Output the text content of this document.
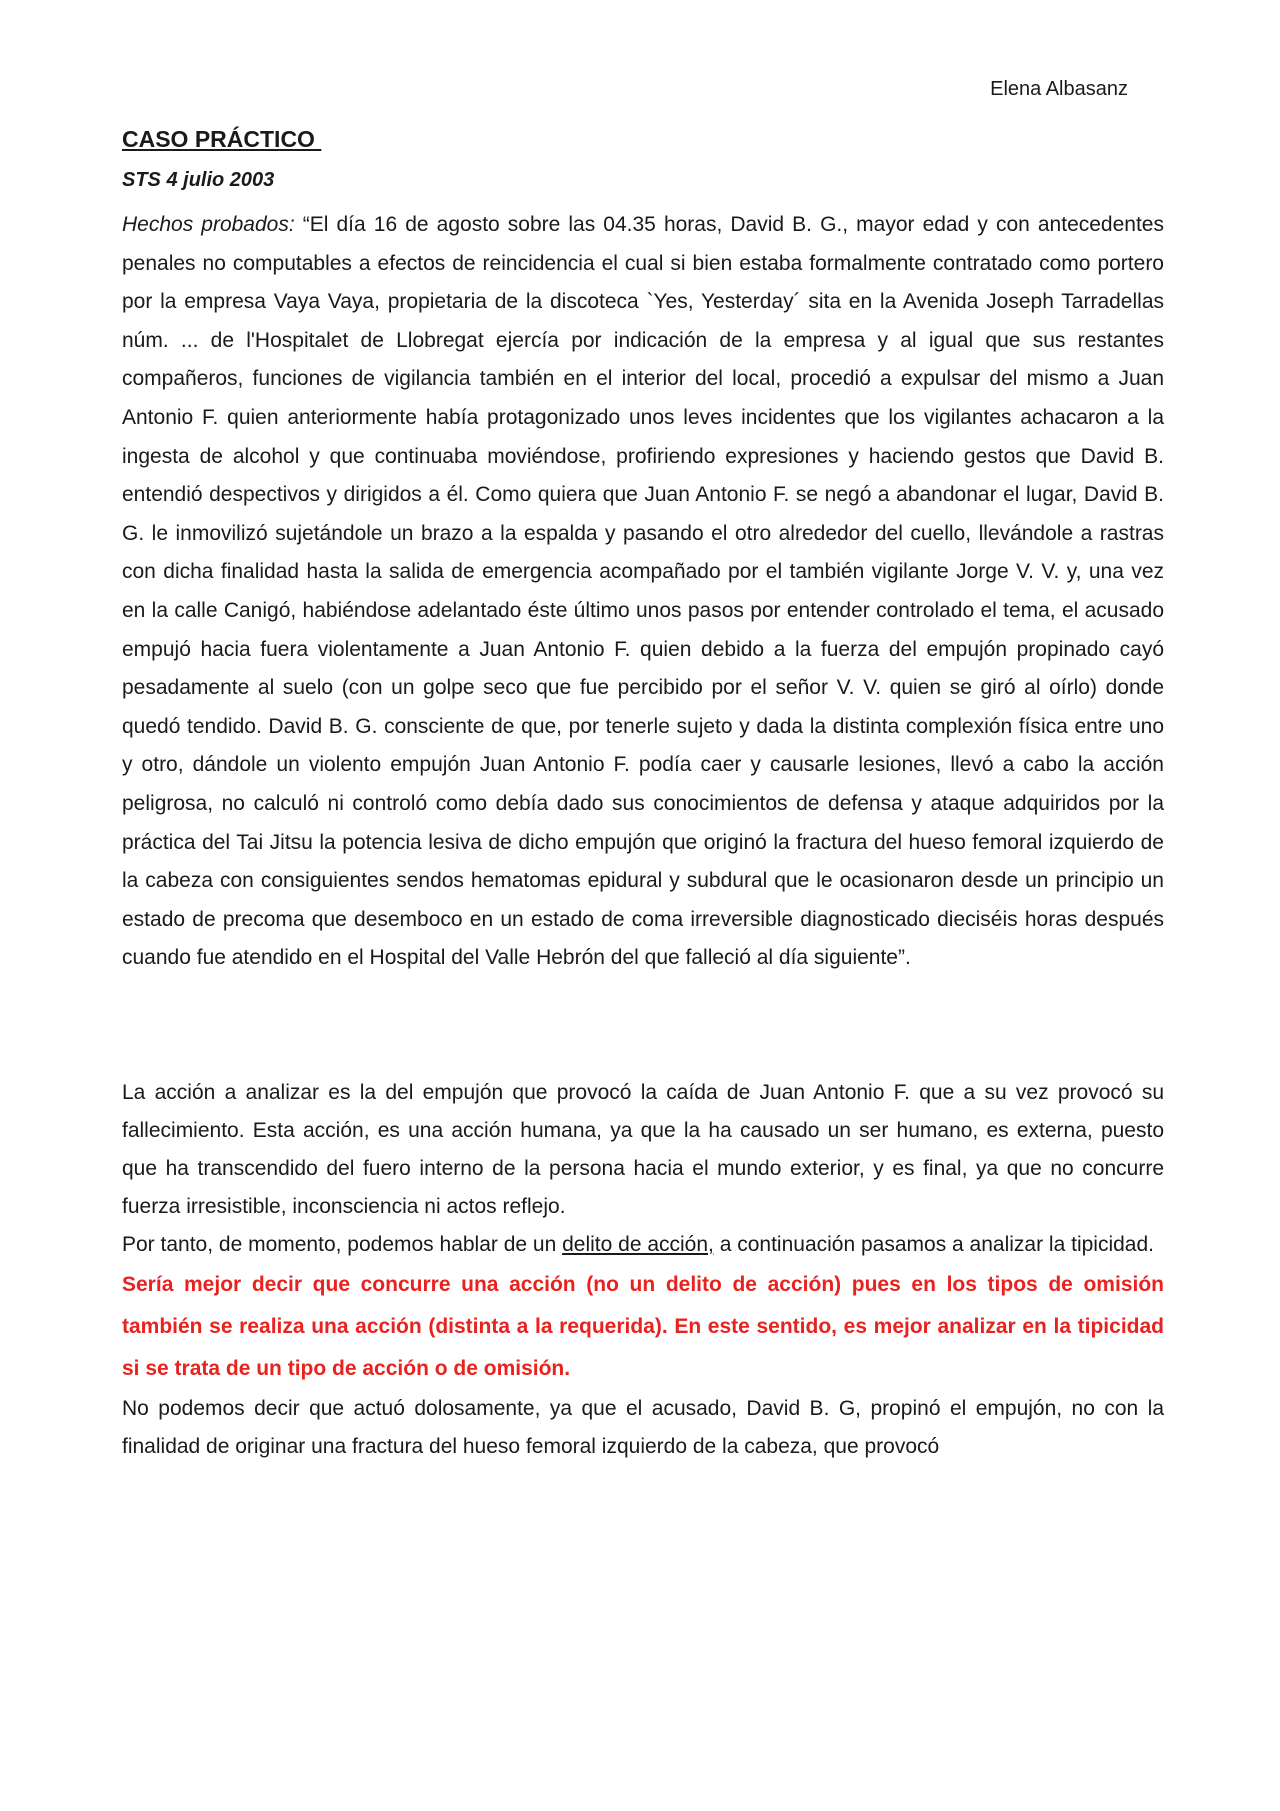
Elena Albasanz
CASO PRÁCTICO
STS 4 julio 2003

Hechos probados: “El día 16 de agosto sobre las 04.35 horas, David B. G., mayor edad y con antecedentes penales no computables a efectos de reincidencia el cual si bien estaba formalmente contratado como portero por la empresa Vaya Vaya, propietaria de la discoteca `Yes, Yesterday´ sita en la Avenida Joseph Tarradellas núm. ... de l'Hospitalet de Llobregat ejercía por indicación de la empresa y al igual que sus restantes compañeros, funciones de vigilancia también en el interior del local, procedió a expulsar del mismo a Juan Antonio F. quien anteriormente había protagonizado unos leves incidentes que los vigilantes achacaron a la ingesta de alcohol y que continuaba moviéndose, profiriendo expresiones y haciendo gestos que David B. entendió despectivos y dirigidos a él. Como quiera que Juan Antonio F. se negó a abandonar el lugar, David B. G. le inmovilizó sujetándole un brazo a la espalda y pasando el otro alrededor del cuello, llevándole a rastras con dicha finalidad hasta la salida de emergencia acompañado por el también vigilante Jorge V. V. y, una vez en la calle Canigó, habiéndose adelantado éste último unos pasos por entender controlado el tema, el acusado empujó hacia fuera violentamente a Juan Antonio F. quien debido a la fuerza del empujón propinado cayó pesadamente al suelo (con un golpe seco que fue percibido por el señor V. V. quien se giró al oírlo) donde quedó tendido. David B. G. consciente de que, por tenerle sujeto y dada la distinta complexión física entre uno y otro, dándole un violento empujón Juan Antonio F. podía caer y causarle lesiones, llevó a cabo la acción peligrosa, no calculó ni controló como debía dado sus conocimientos de defensa y ataque adquiridos por la práctica del Tai Jitsu la potencia lesiva de dicho empujón que originó la fractura del hueso femoral izquierdo de la cabeza con consiguientes sendos hematomas epidural y subdural que le ocasionaron desde un principio un estado de precoma que desemboco en un estado de coma irreversible diagnosticado dieciséis horas después cuando fue atendido en el Hospital del Valle Hebrón del que falleció al día siguiente”.

La acción a analizar es la del empujón que provocó la caída de Juan Antonio F. que a su vez provocó su fallecimiento. Esta acción, es una acción humana, ya que la ha causado un ser humano, es externa, puesto que ha transcendido del fuero interno de la persona hacia el mundo exterior, y es final, ya que no concurre fuerza irresistible, inconsciencia ni actos reflejo.

Por tanto, de momento, podemos hablar de un delito de acción, a continuación pasamos a analizar la tipicidad.

Sería mejor decir que concurre una acción (no un delito de acción) pues en los tipos de omisión también se realiza una acción (distinta a la requerida). En este sentido, es mejor analizar en la tipicidad si se trata de un tipo de acción o de omisión.

No podemos decir que actuó dolosamente, ya que el acusado, David B. G, propinó el empujón, no con la finalidad de originar una fractura del hueso femoral izquierdo de la cabeza, que provocó
